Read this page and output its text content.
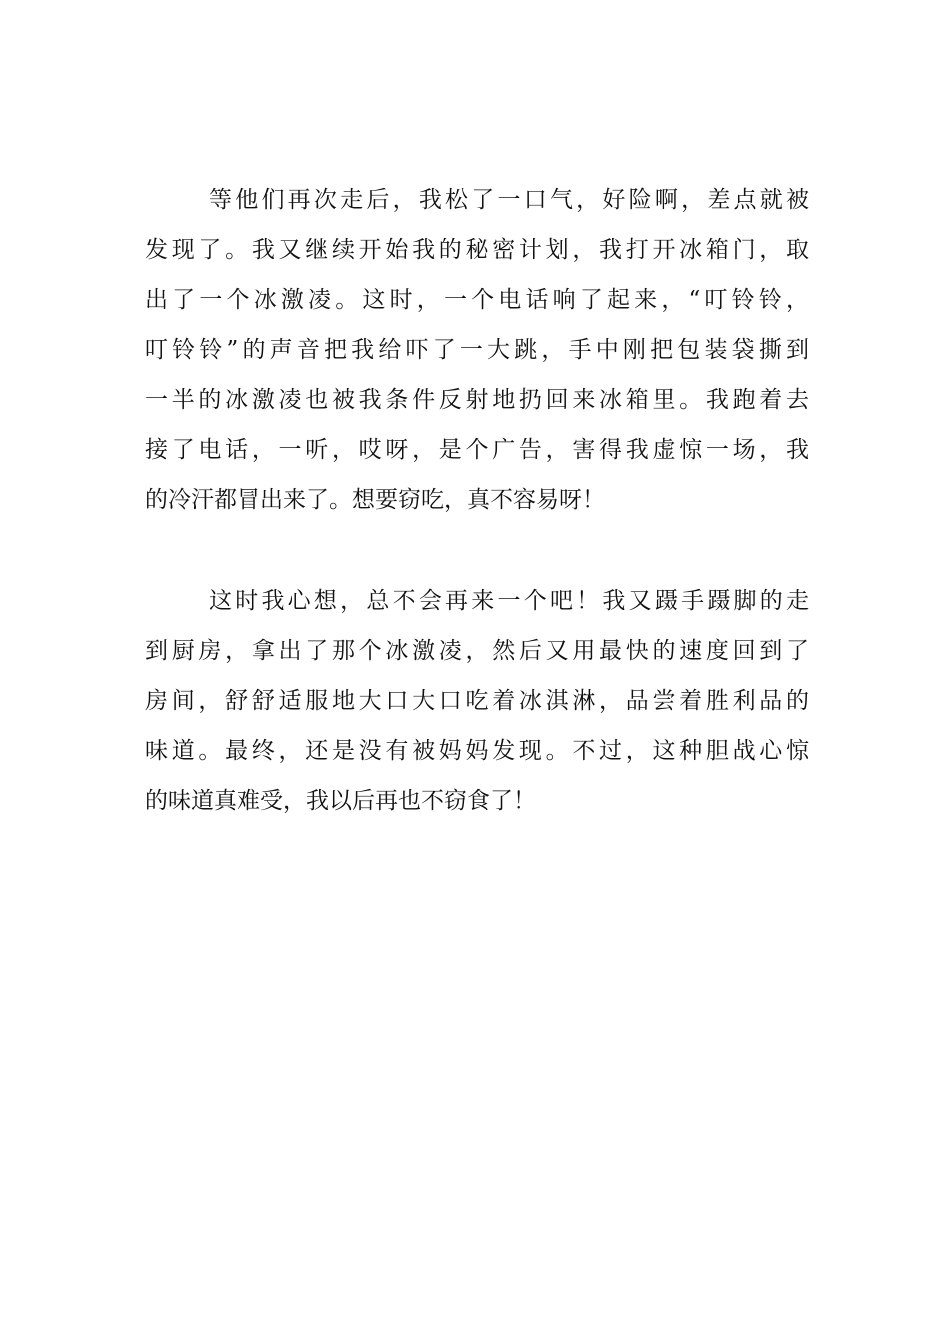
等他们再次走后，我松了一口气，好险啊，差点就被
发现了。我又继续开始我的秘密计划，我打开冰箱门，取
出了一个冰激凌。这时，一个电话响了起来，“叮铃铃，
叮铃铃”的声音把我给吓了一大跳，手中刚把包装袋撕到
一半的冰激凌也被我条件反射地扔回来冰箱里。我跑着去
接了电话，一听，哎呀，是个广告，害得我虚惊一场，我
的冷汗都冒出来了。想要窃吃，真不容易呀！
这时我心想，总不会再来一个吧！我又蹑手蹑脚的走
到厨房，拿出了那个冰激凌，然后又用最快的速度回到了
房间，舒舒适服地大口大口吃着冰淇淋，品尝着胜利品的
味道。最终，还是没有被妈妈发现。不过，这种胆战心惊
的味道真难受，我以后再也不窃食了！
